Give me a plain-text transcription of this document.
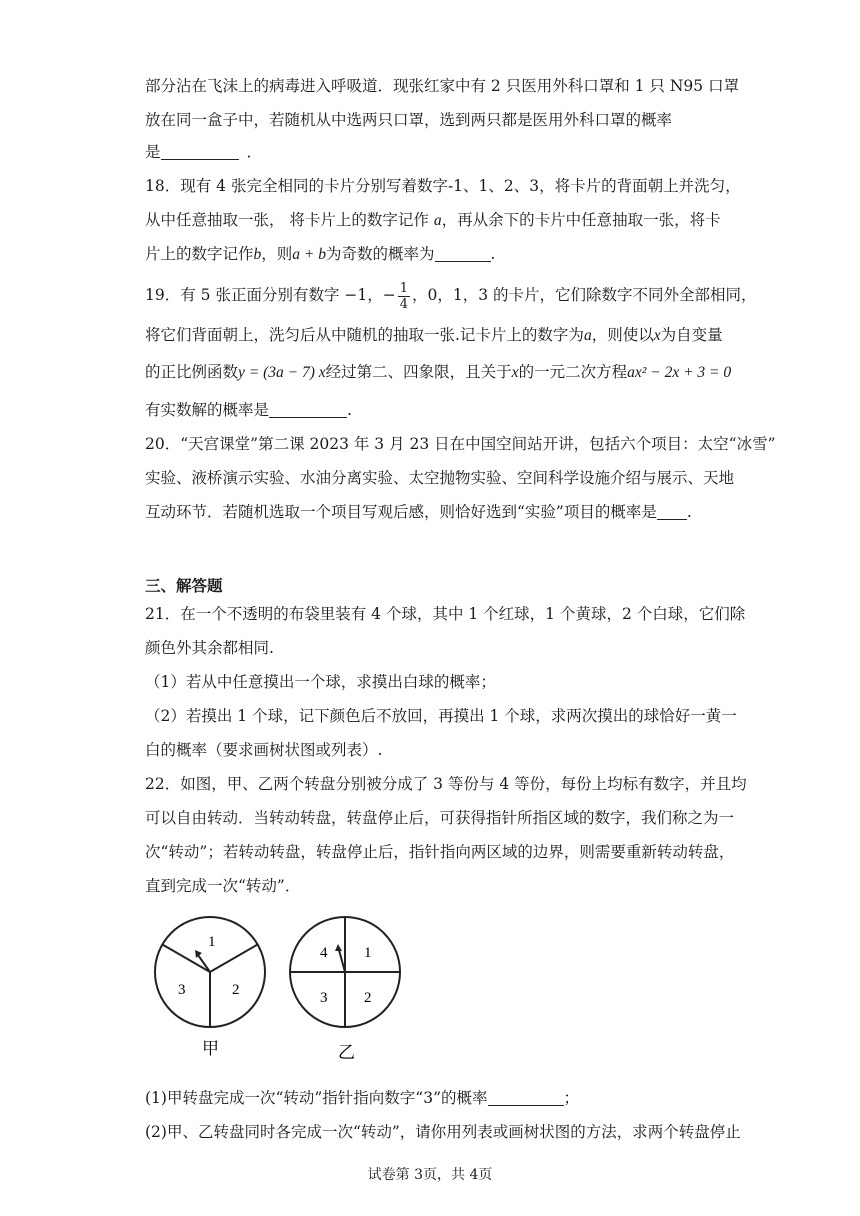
部分沾在飞沫上的病毒进入呼吸道．现张红家中有 2 只医用外科口罩和 1 只 N95 口罩
放在同一盒子中，若随机从中选两只口罩，选到两只都是医用外科口罩的概率
是	．
18．现有 4 张完全相同的卡片分别写着数字-1、1、2、3，将卡片的背面朝上并洗匀，
从中任意抽取一张， 将卡片上的数字记作 a，再从余下的卡片中任意抽取一张，将卡
片上的数字记作b，则a + b为奇数的概率为	.
19．有 5 张正面分别有数字 −1，− $\frac{1}{4}$ ，0，1，3 的卡片，它们除数字不同外全部相同，
将它们背面朝上，洗匀后从中随机的抽取一张.记卡片上的数字为a，则使以x为自变量
的正比例函数y = (3a − 7) x经过第二、四象限，且关于x的一元二次方程ax² − 2x + 3 = 0
有实数解的概率是	.
20．“天宫课堂”第二课 2023 年 3 月 23 日在中国空间站开讲，包括六个项目：太空“冰雪”
实验、液桥演示实验、水油分离实验、太空抛物实验、空间科学设施介绍与展示、天地
互动环节．若随机选取一个项目写观后感，则恰好选到“实验”项目的概率是 .
三、解答题
21．在一个不透明的布袋里装有 4 个球，其中 1 个红球，1 个黄球，2 个白球，它们除
颜色外其余都相同.
（1）若从中任意摸出一个球，求摸出白球的概率；
（2）若摸出 1 个球，记下颜色后不放回，再摸出 1 个球，求两次摸出的球恰好一黄一
白的概率（要求画树状图或列表）.
22．如图，甲、乙两个转盘分别被分成了 3 等份与 4 等份，每份上均标有数字，并且均
可以自由转动．当转动转盘，转盘停止后，可获得指针所指区域的数字，我们称之为一
次“转动”；若转动转盘，转盘停止后，指针指向两区域的边界，则需要重新转动转盘，
直到完成一次“转动”．
1
2
3
甲
1
2
3
4
乙
(1)甲转盘完成一次“转动”指针指向数字“3”的概率	；
(2)甲、乙转盘同时各完成一次“转动”，请你用列表或画树状图的方法，求两个转盘停止
试卷第 3页，共 4页
